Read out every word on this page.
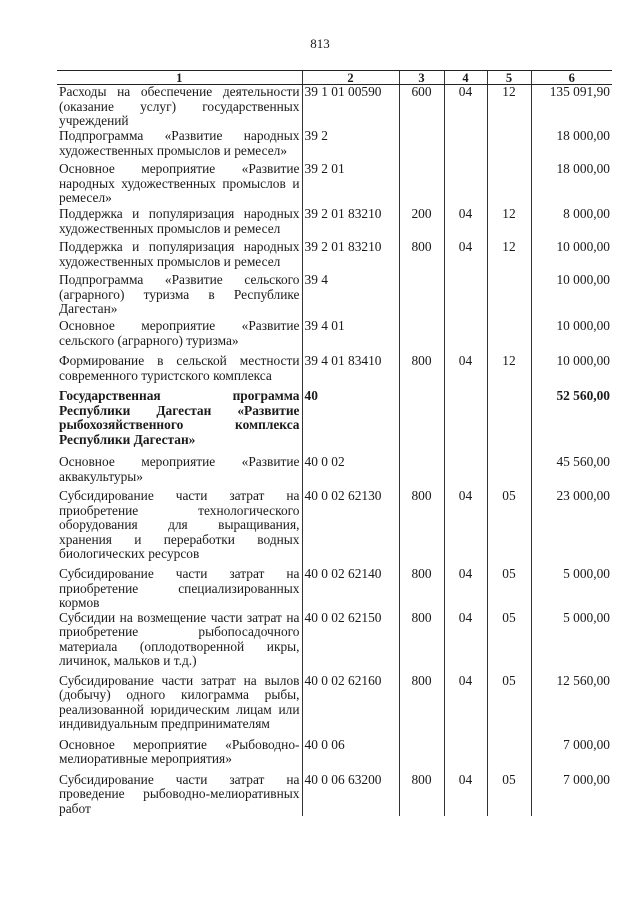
813
1	2	3	4	5	6
Расходы на обеспечение деятельности (оказание услуг) государственных учреждений	39 1 01 00590	600	04	12	135 091,90
Подпрограмма «Развитие народных художественных промыслов и ремесел»	39 2				18 000,00
Основное мероприятие «Развитие народных художественных промыслов и ремесел»	39 2 01				18 000,00
Поддержка и популяризация народных художественных промыслов и ремесел	39 2 01 83210	200	04	12	8 000,00
Поддержка и популяризация народных художественных промыслов и ремесел	39 2 01 83210	800	04	12	10 000,00
Подпрограмма «Развитие сельского (аграрного) туризма в Республике Дагестан»	39 4				10 000,00
Основное мероприятие «Развитие сельского (аграрного) туризма»	39 4 01				10 000,00
Формирование в сельской местности современного туристского комплекса	39 4 01 83410	800	04	12	10 000,00
Государственная программа Республики Дагестан «Развитие рыбохозяйственного комплекса Республики Дагестан»	40				52 560,00
Основное мероприятие «Развитие аквакультуры»	40 0 02				45 560,00
Субсидирование части затрат на приобретение технологического оборудования для выращивания, хранения и переработки водных биологических ресурсов	40 0 02 62130	800	04	05	23 000,00
Субсидирование части затрат на приобретение специализированных кормов	40 0 02 62140	800	04	05	5 000,00
Субсидии на возмещение части затрат на приобретение рыбопосадочного материала (оплодотворенной икры, личинок, мальков и т.д.)	40 0 02 62150	800	04	05	5 000,00
Субсидирование части затрат на вылов (добычу) одного килограмма рыбы, реализованной юридическим лицам или индивидуальным предпринимателям	40 0 02 62160	800	04	05	12 560,00
Основное мероприятие «Рыбоводно-мелиоративные мероприятия»	40 0 06				7 000,00
Субсидирование части затрат на проведение рыбоводно-мелиоративных работ	40 0 06 63200	800	04	05	7 000,00
